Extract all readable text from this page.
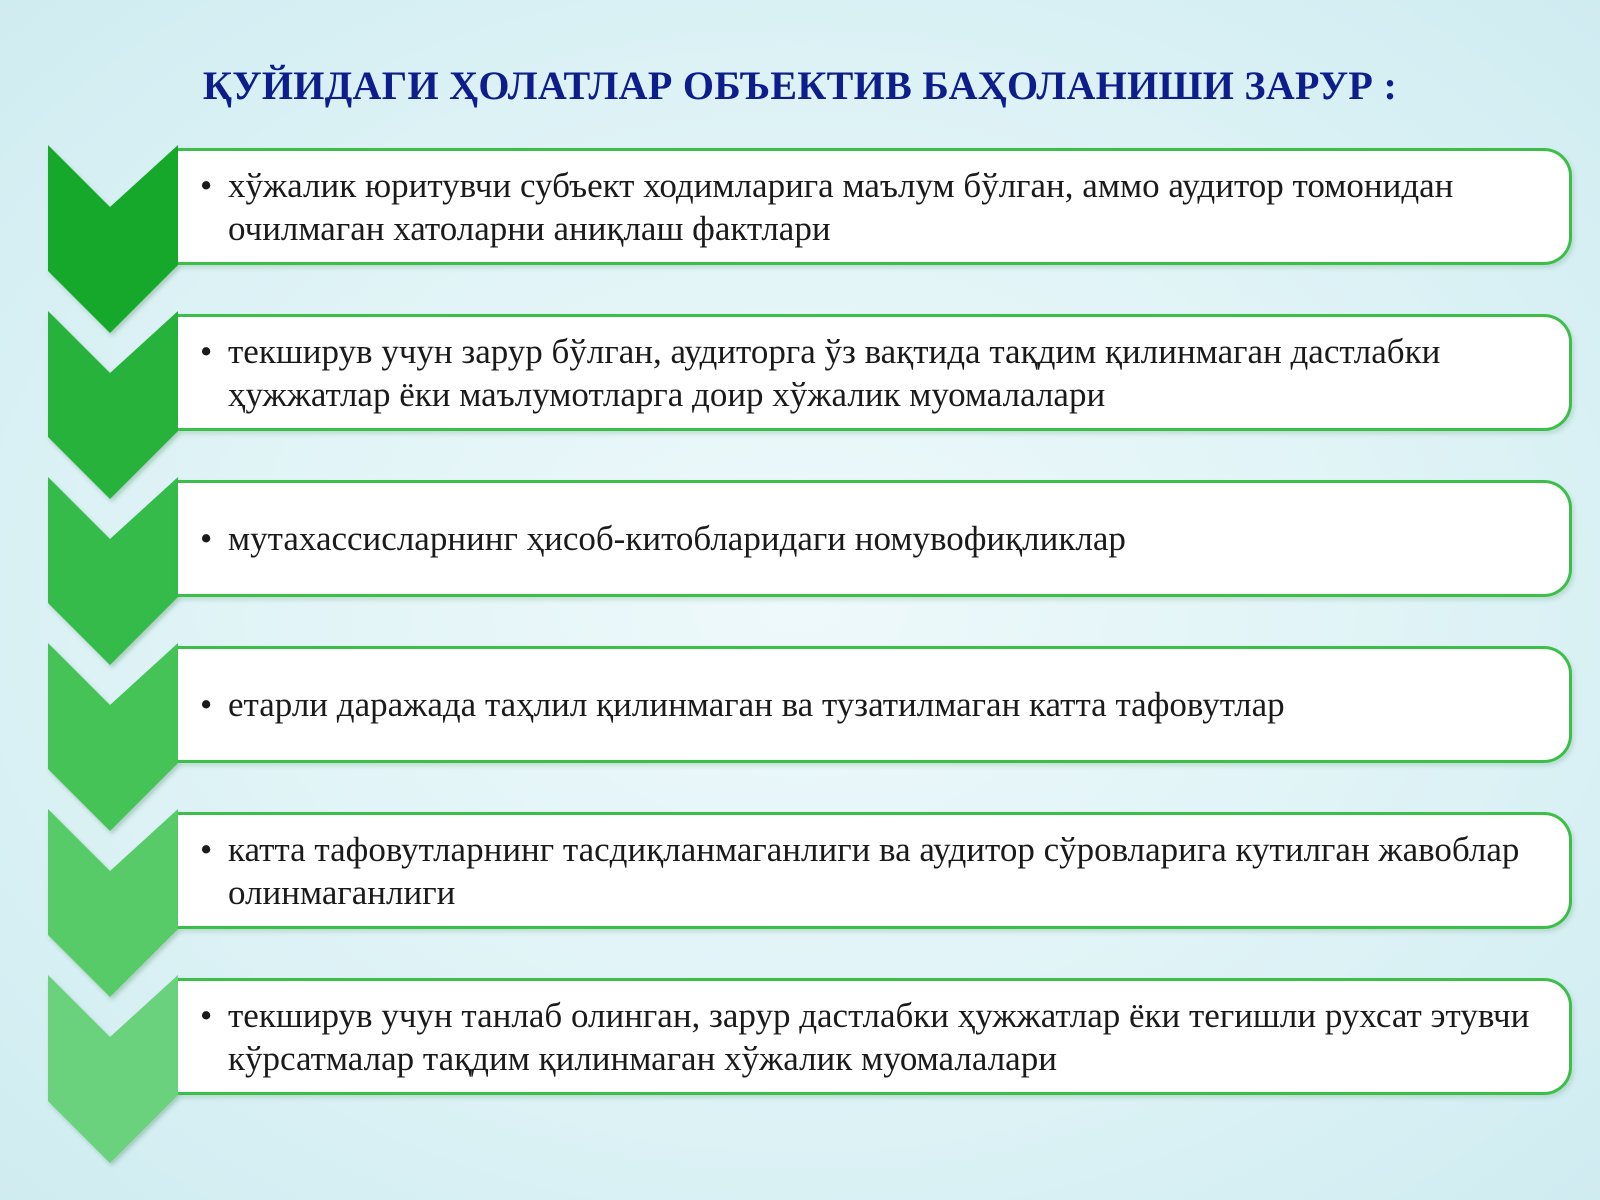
ҚУЙИДАГИ ҲОЛАТЛАР ОБЪЕКТИВ БАҲОЛАНИШИ ЗАРУР :
• хўжалик юритувчи субъект ходимларига маълум бўлган, аммо аудитор томонидан очилмаган хатоларни аниқлаш фактлари
• текширув учун зарур бўлган, аудиторга ўз вақтида тақдим қилинмаган дастлабки ҳужжатлар ёки маълумотларга доир хўжалик муомалалари
• мутахассисларнинг ҳисоб-китобларидаги номувофиқликлар
• етарли даражада таҳлил қилинмаган ва тузатилмаган катта тафовутлар
• катта тафовутларнинг тасдиқланмаганлиги ва аудитор сўровларига кутилган жавоблар олинмаганлиги
• текширув учун танлаб олинган, зарур дастлабки ҳужжатлар ёки тегишли рухсат этувчи кўрсатмалар тақдим қилинмаган хўжалик муомалалари
